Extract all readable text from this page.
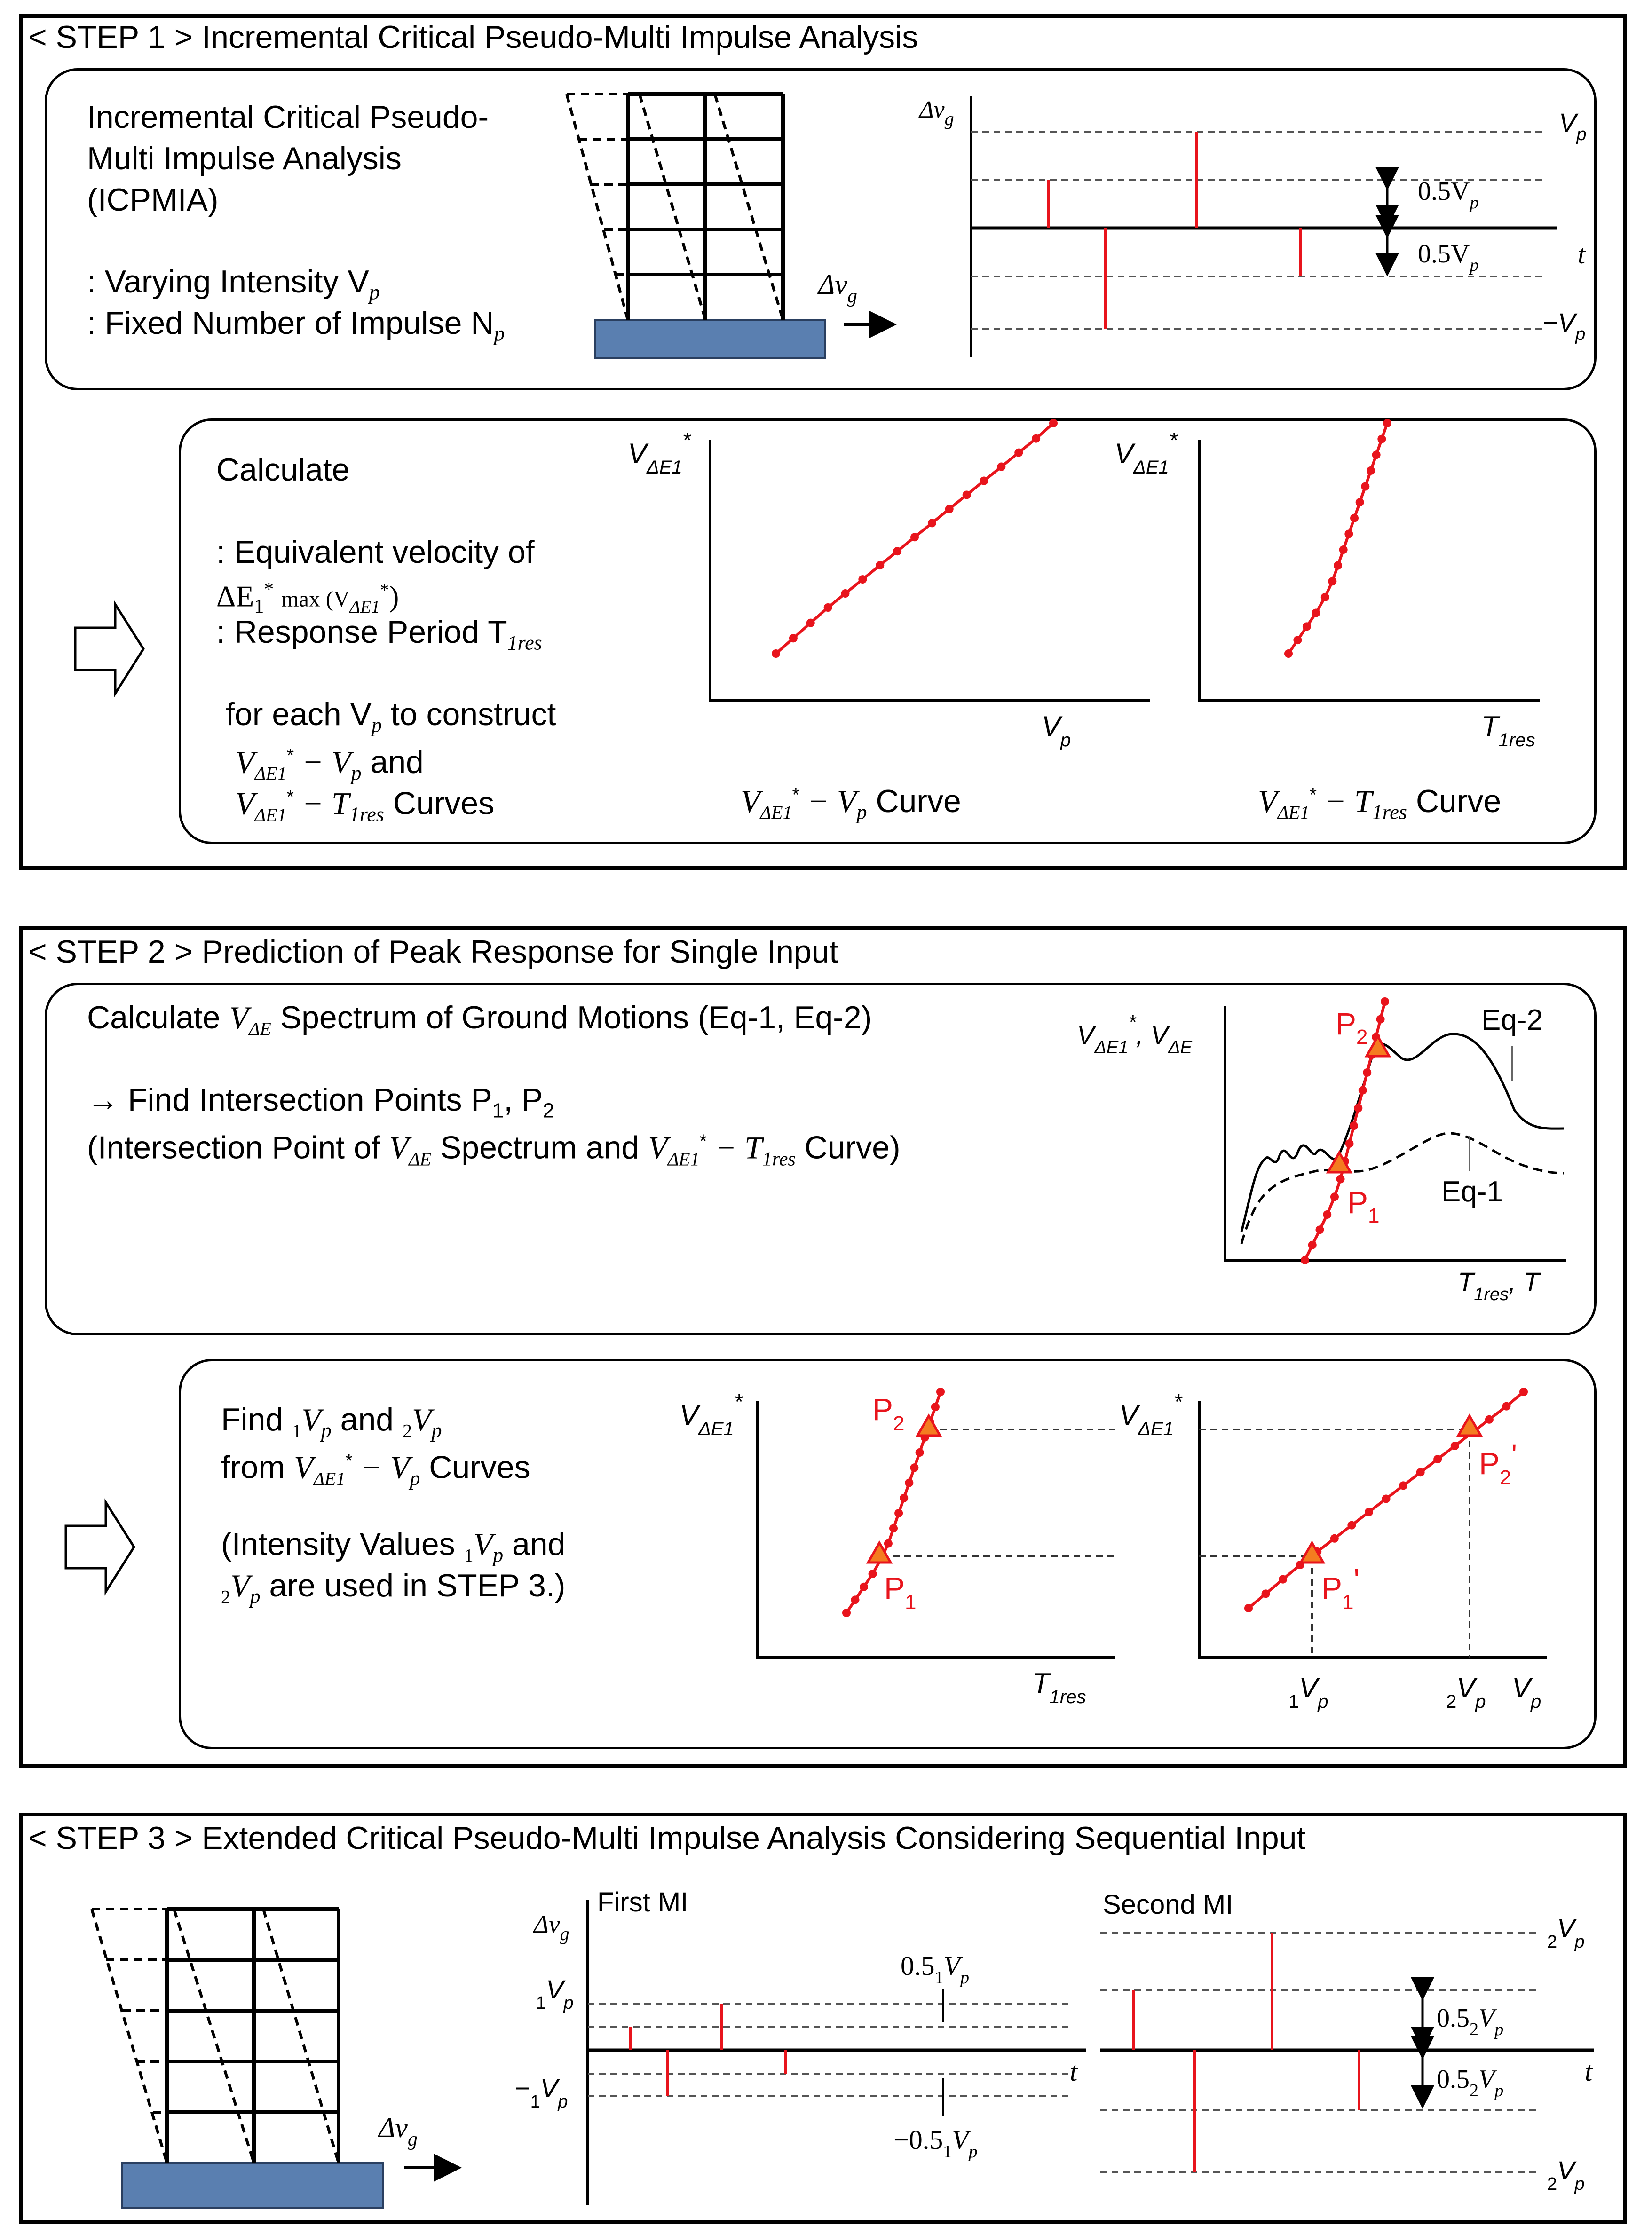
< STEP 1 > Incremental Critical Pseudo-Multi Impulse Analysis
Incremental Critical Pseudo-
Multi Impulse Analysis
(ICPMIA)
: Varying Intensity $V_p$
: Fixed Number of Impulse $N_p$
Calculate
: Equivalent velocity of
$\Delta E_1^*$ $\max (V_{\Delta E1}^*)$
: Response Period $T_{1res}$
for each $V_p$ to construct
$V_{\Delta E1}^* - V_p$ and
$V_{\Delta E1}^* - T_{1res}$ Curves	$V_{\Delta E1}^* - V_p$ Curve	$V_{\Delta E1}^* - T_{1res}$ Curve
< STEP 2 > Prediction of Peak Response for Single Input
Calculate $V_{\Delta E}$ Spectrum of Ground Motions (Eq-1, Eq-2)
→ Find Intersection Points $P_1$, $P_2$
(Intersection Point of $V_{\Delta E}$ Spectrum and $V_{\Delta E1}^* - T_{1res}$ Curve)
Find $_1V_p$ and $_2V_p$
from $V_{\Delta E1}^* - V_p$ Curves
(Intensity Values $_1V_p$ and
$_2V_p$ are used in STEP 3.)
< STEP 3 > Extended Critical Pseudo-Multi Impulse Analysis Considering Sequential Input
$\Delta v_g$
$\Delta v_g$	$V_p$
$-V_p$
$0.5V_p$
$0.5V_p$	t
$V_{\Delta E1}^*$
$V_p$
$V_{\Delta E1}^*$
$T_{1res}$
$V_{\Delta E1}^*$, $V_{\Delta E}$
$T_{1res}$, T
Eq-2
Eq-1
$P_2$
$P_1$
$V_{\Delta E1}^*$
$T_{1res}$
$P_2$
$P_1$
$V_{\Delta E1}^*$
$_1V_p$	$_2V_p$ $V_p$
$P_2'$
$P_1'$
$\Delta v_g$
First MI
$\Delta v_g$
$_1V_p$
$-_1V_p$
$0.5_1V_p$
$-0.5_1V_p$
t
Second MI
$_2V_p$
$_2V_p$
$0.5_2V_p$
$0.5_2V_p$
t
